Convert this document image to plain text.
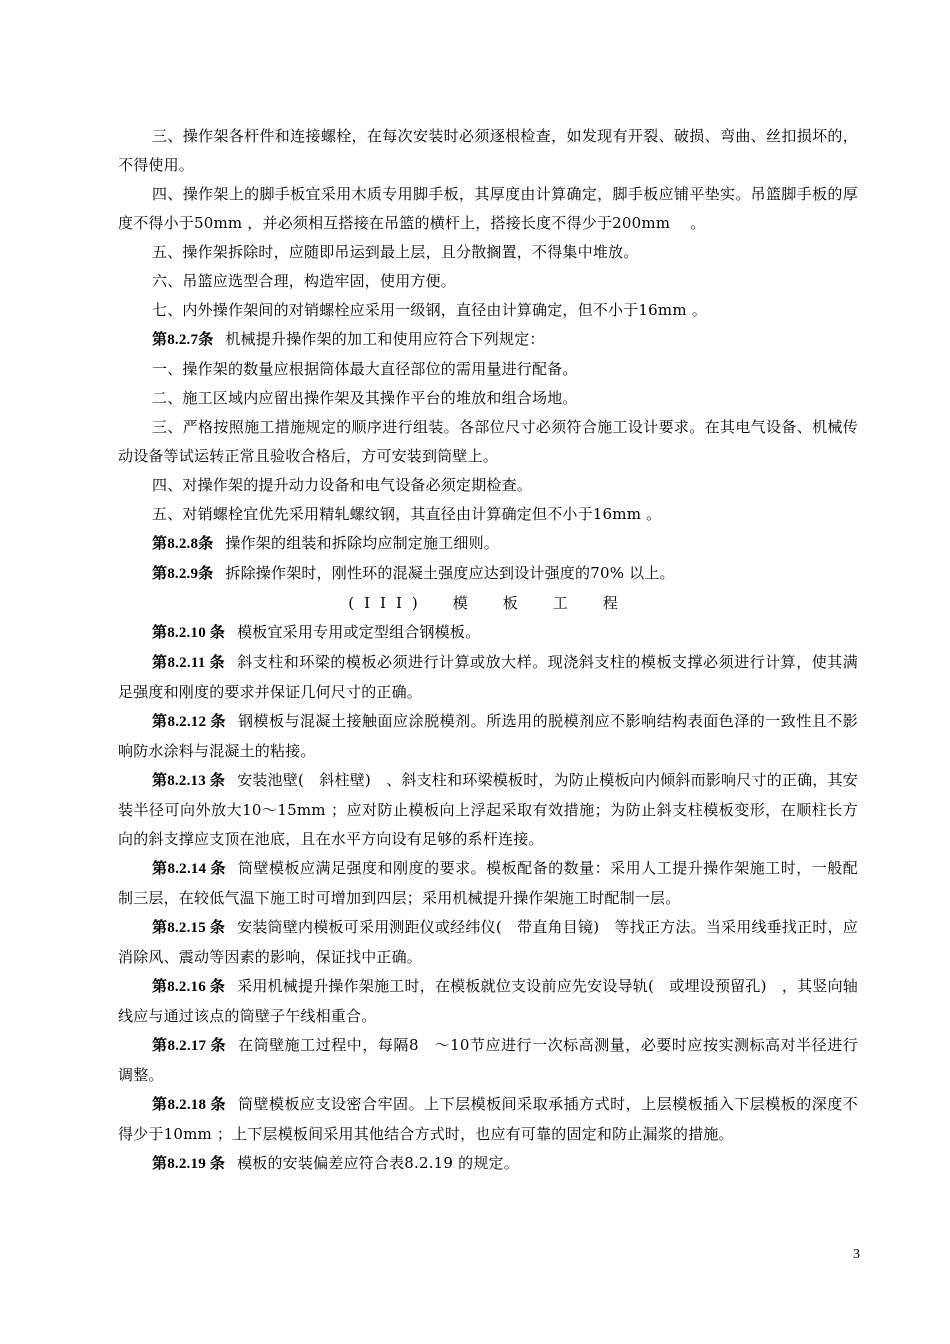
三、操作架各杆件和连接螺栓，在每次安装时必须逐根检查，如发现有开裂、破损、弯曲、丝扣损坏的，不得使用。

四、操作架上的脚手板宜采用木质专用脚手板，其厚度由计算确定，脚手板应铺平垫实。吊篮脚手板的厚度不得小于50mm ，并必须相互搭接在吊篮的横杆上，搭接长度不得少于200mm 　。

五、操作架拆除时，应随即吊运到最上层，且分散搁置，不得集中堆放。

六、吊篮应选型合理，构造牢固，使用方便。

七、内外操作架间的对销螺栓应采用一级钢，直径由计算确定，但不小于16mm 。

第8.2.7条 机械提升操作架的加工和使用应符合下列规定：

一、操作架的数量应根据筒体最大直径部位的需用量进行配备。

二、施工区域内应留出操作架及其操作平台的堆放和组合场地。

三、严格按照施工措施规定的顺序进行组装。各部位尺寸必须符合施工设计要求。在其电气设备、机械传动设备等试运转正常且验收合格后，方可安装到筒壁上。

四、对操作架的提升动力设备和电气设备必须定期检查。

五、对销螺栓宜优先采用精轧螺纹钢，其直径由计算确定但不小于16mm 。

第8.2.8条 操作架的组装和拆除均应制定施工细则。

第8.2.9条 拆除操作架时，刚性环的混凝土强度应达到设计强度的70% 以上。

(III)　模　板　工　程

第8.2.10 条 模板宜采用专用或定型组合钢模板。

第8.2.11 条 斜支柱和环梁的模板必须进行计算或放大样。现浇斜支柱的模板支撑必须进行计算，使其满足强度和刚度的要求并保证几何尺寸的正确。

第8.2.12 条 钢模板与混凝土接触面应涂脱模剂。所选用的脱模剂应不影响结构表面色泽的一致性且不影响防水涂料与混凝土的粘接。

第8.2.13 条 安装池壁(　斜柱壁)　、斜支柱和环梁模板时，为防止模板向内倾斜而影响尺寸的正确，其安装半径可向外放大10～15mm ；应对防止模板向上浮起采取有效措施；为防止斜支柱模板变形，在顺柱长方向的斜支撑应支顶在池底，且在水平方向设有足够的系杆连接。

第8.2.14 条 筒壁模板应满足强度和刚度的要求。模板配备的数量：采用人工提升操作架施工时，一般配制三层，在较低气温下施工时可增加到四层；采用机械提升操作架施工时配制一层。

第8.2.15 条 安装筒壁内模板可采用测距仪或经纬仪(　带直角目镜)　等找正方法。当采用线垂找正时，应消除风、震动等因素的影响，保证找中正确。

第8.2.16 条 采用机械提升操作架施工时，在模板就位支设前应先安设导轨(　或埋设预留孔)　，其竖向轴线应与通过该点的筒壁子午线相重合。

第8.2.17 条 在筒壁施工过程中，每隔8　～10节应进行一次标高测量，必要时应按实测标高对半径进行调整。

第8.2.18 条 筒壁模板应支设密合牢固。上下层模板间采取承插方式时，上层模板插入下层模板的深度不得少于10mm ；上下层模板间采用其他结合方式时，也应有可靠的固定和防止漏浆的措施。

第8.2.19 条 模板的安装偏差应符合表8.2.19 的规定。

3
